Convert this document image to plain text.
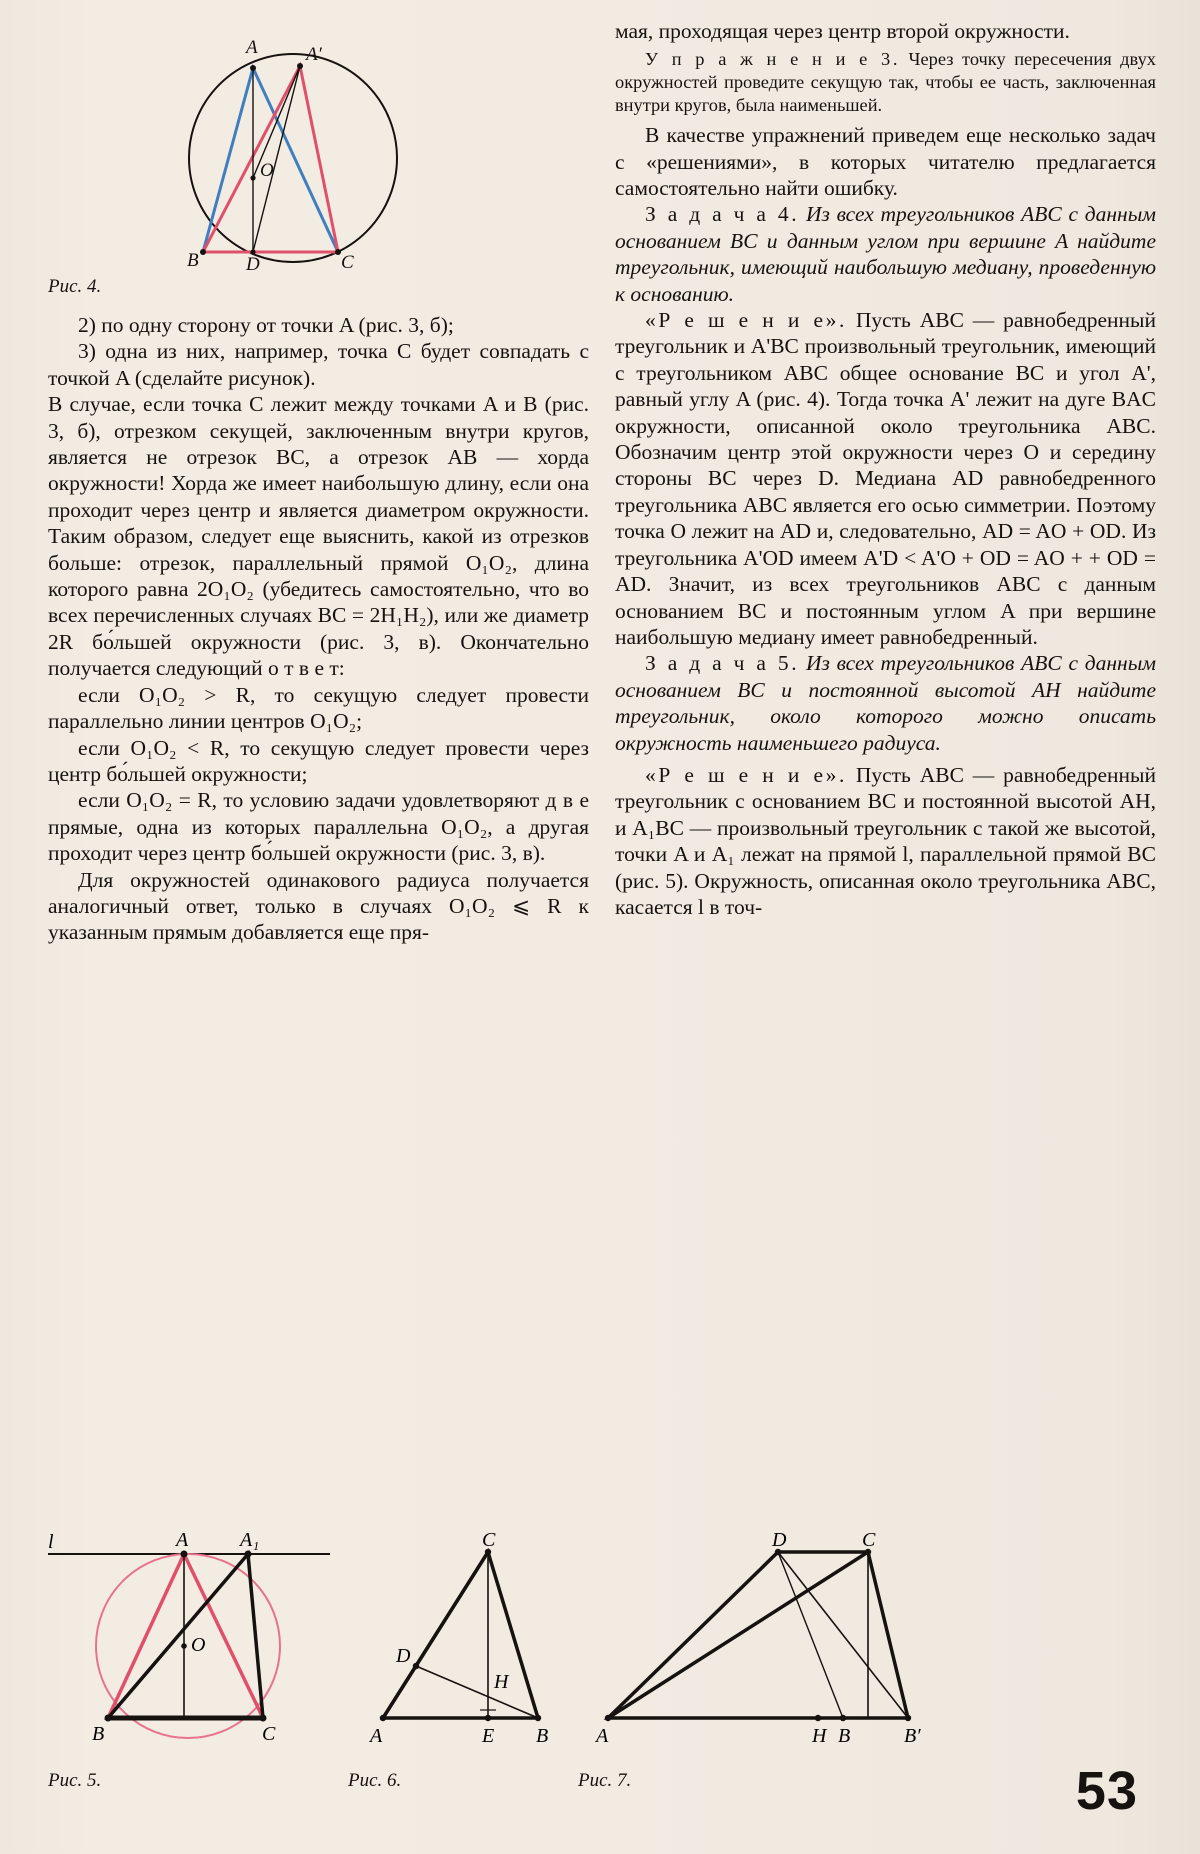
A	A′
O
B D	C
Рис. 4.

2) по одну сторону от точки A (рис. 3, б);

3) одна из них, например, точка C будет совпадать с точкой A (сделайте рисунок).

В случае, если точка C лежит между точками A и B (рис. 3, б), отрезком секущей, заключенным внутри кругов, является не отрезок BC, а отрезок AB — хорда окружности! Хорда же имеет наибольшую длину, если она проходит через центр и является диаметром окружности. Таким образом, следует еще выяснить, какой из отрезков больше: отрезок, параллельный прямой O₁O₂, длина которого равна 2O₁O₂ (убедитесь самостоятельно, что во всех перечисленных случаях BC = 2H₁H₂), или же диаметр 2R бо́льшей окружности (рис. 3, в). Окончательно получается следующий о т в е т:

если O₁O₂ > R, то секущую следует провести параллельно линии центров O₁O₂;

если O₁O₂ < R, то секущую следует провести через центр бо́льшей окружности;

если O₁O₂ = R, то условию задачи удовлетворяют д в е прямые, одна из которых параллельна O₁O₂, а другая проходит через центр бо́льшей окружности (рис. 3, в).

Для окружностей одинакового радиуса получается аналогичный ответ, только в случаях O₁O₂ ⩽ R к указанным прямым добавляется еще пря-

мая, проходящая через центр второй окружности.

У п р а ж н е н и е 3. Через точку пересечения двух окружностей проведите секущую так, чтобы ее часть, заключенная внутри кругов, была наименьшей.

В качестве упражнений приведем еще несколько задач с «решениями», в которых читателю предлагается самостоятельно найти ошибку.

З а д а ч а 4. Из всех треугольников ABC с данным основанием BC и данным углом при вершине A найдите треугольник, имеющий наибольшую медиану, проведенную к основанию.

«Р е ш е н и е». Пусть ABC — равнобедренный треугольник и A'BC произвольный треугольник, имеющий с треугольником ABC общее основание BC и угол A', равный углу A (рис. 4). Тогда точка A' лежит на дуге BAC окружности, описанной около треугольника ABC. Обозначим центр этой окружности через O и середину стороны BC через D. Медиана AD равнобедренного треугольника ABC является его осью симметрии. Поэтому точка O лежит на AD и, следовательно, AD = AO + OD. Из треугольника A'OD имеем A'D < A'O + OD = AO + + OD = AD. Значит, из всех треугольников ABC с данным основанием BC и постоянным углом A при вершине наибольшую медиану имеет равнобедренный.

З а д а ч а 5. Из всех треугольников ABC с данным основанием BC и постоянной высотой AH найдите треугольник, около которого можно описать окружность наименьшего радиуса.

«Р е ш е н и е». Пусть ABC — равнобедренный треугольник с основанием BC и постоянной высотой AH, и A₁BC — произвольный треугольник с такой же высотой, точки A и A₁ лежат на прямой l, параллельной прямой BC (рис. 5). Окружность, описанная около треугольника ABC, касается l в точ-

l	A	A₁
O
B	C
Рис. 5.
C
D
H
A	E B
Рис. 6.
D	C
A	H B	B′
Рис. 7.	53
